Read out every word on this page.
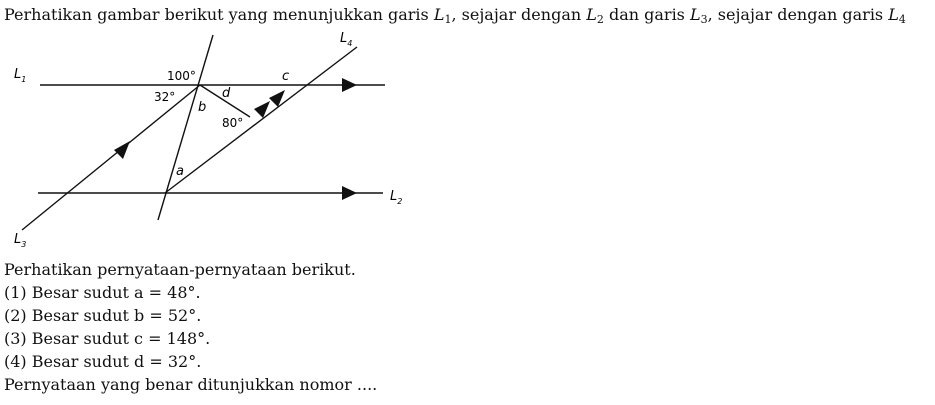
Perhatikan gambar berikut yang menunjukkan garis $L_1$, sejajar dengan $L_2$ dan garis $L_3$, sejajar dengan garis $L_4$
$L_1$
$L_2$
$L_3$
$L_4$
100°
32°
80°
a
b
c
d
Perhatikan pernyataan-pernyataan berikut.
(1) Besar sudut a = 48°.
(2) Besar sudut b = 52°.
(3) Besar sudut c = 148°.
(4) Besar sudut d = 32°.
Pernyataan yang benar ditunjukkan nomor ....
